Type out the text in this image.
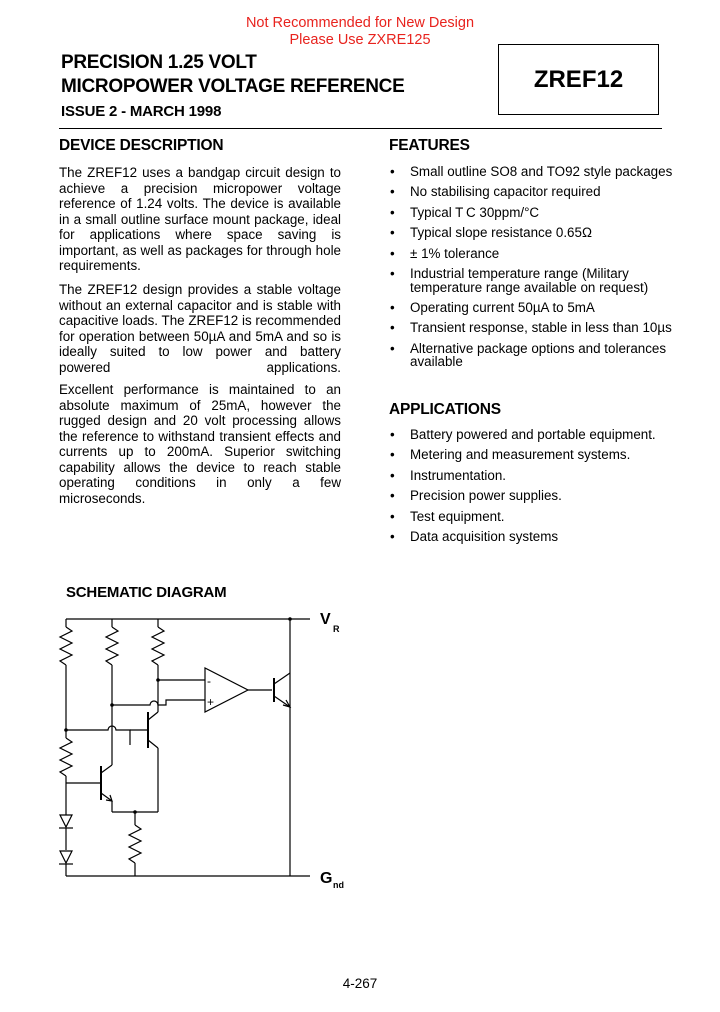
Not Recommended for New Design
Please Use ZXRE125
PRECISION 1.25 VOLT
MICROPOWER VOLTAGE REFERENCE
ISSUE 2 - MARCH 1998
ZREF12
DEVICE DESCRIPTION
The ZREF12 uses a bandgap circuit design to achieve a precision micropower voltage reference of 1.24 volts. The device is available in a small outline surface mount package, ideal for applications where space saving is important, as well as packages for through hole requirements.
The ZREF12 design provides a stable voltage without an external capacitor and is stable with capacitive loads. The ZREF12 is recommended for operation between 50µA and 5mA and so is ideally suited to low power and battery powered applications.
Excellent performance is maintained to an absolute maximum of 25mA, however the rugged design and 20 volt processing allows the reference to withstand transient effects and currents up to 200mA. Superior switching capability allows the device to reach stable operating conditions in only a few microseconds.
FEATURES
• Small outline SO8 and TO92 style packages
• No stabilising capacitor required
• Typical T C 30ppm/°C
• Typical slope resistance 0.65Ω
• ± 1% tolerance
• Industrial temperature range (Military temperature range available on request)
• Operating current 50µA to 5mA
• Transient response, stable in less than 10µs
• Alternative package options and tolerances available
APPLICATIONS
• Battery powered and portable equipment.
• Metering and measurement systems.
• Instrumentation.
• Precision power supplies.
• Test equipment.
• Data acquisition systems
SCHEMATIC DIAGRAM
-
+
V
R
G nd
4-267
